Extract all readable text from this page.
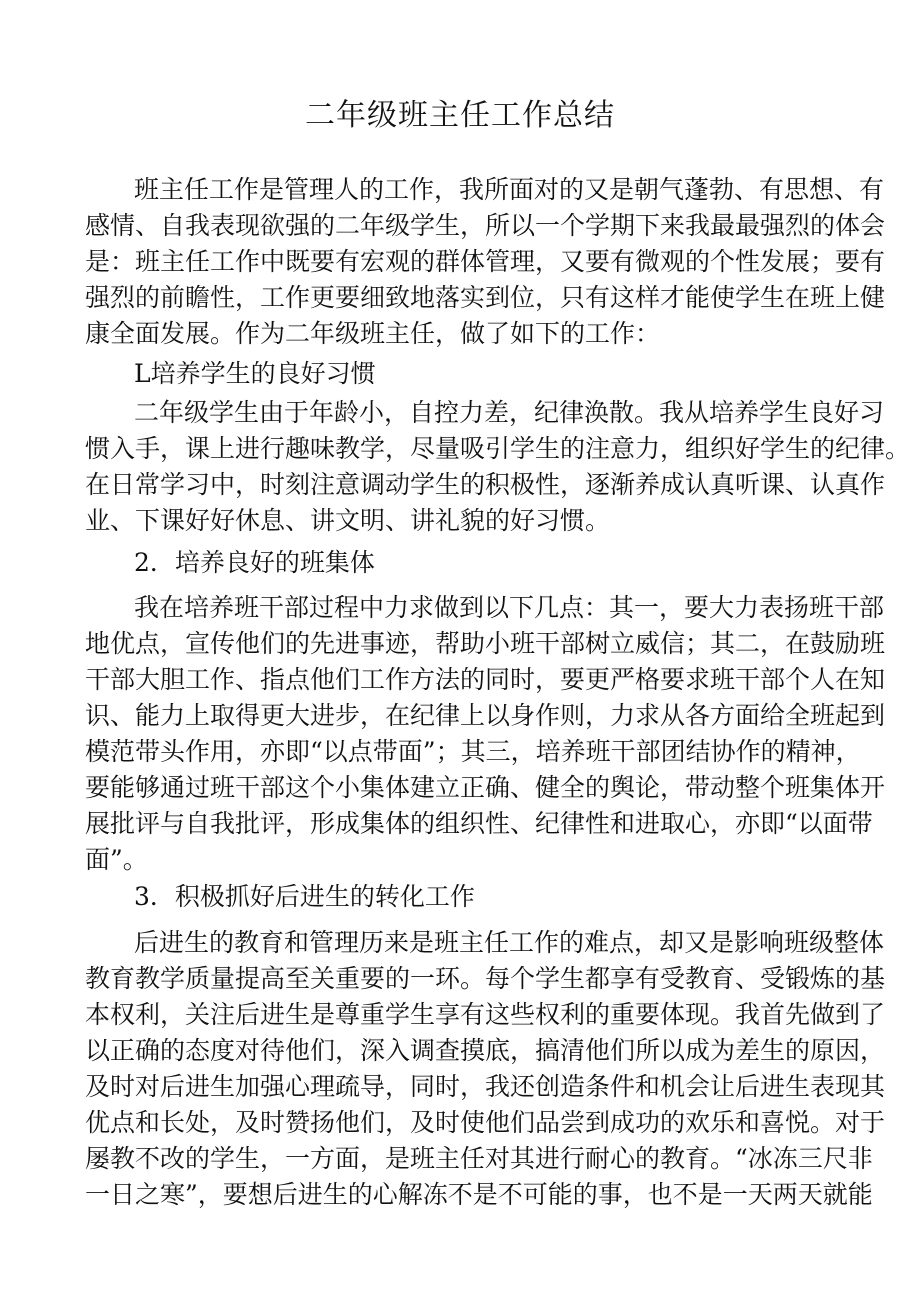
二年级班主任工作总结
班主任工作是管理人的工作，我所面对的又是朝气蓬勃、有思想、有
感情、自我表现欲强的二年级学生，所以一个学期下来我最最强烈的体会
是：班主任工作中既要有宏观的群体管理，又要有微观的个性发展；要有
强烈的前瞻性，工作更要细致地落实到位，只有这样才能使学生在班上健
康全面发展。作为二年级班主任，做了如下的工作：
L培养学生的良好习惯
二年级学生由于年龄小，自控力差，纪律涣散。我从培养学生良好习
惯入手，课上进行趣味教学，尽量吸引学生的注意力，组织好学生的纪律。
在日常学习中，时刻注意调动学生的积极性，逐渐养成认真听课、认真作
业、下课好好休息、讲文明、讲礼貌的好习惯。
2．培养良好的班集体
我在培养班干部过程中力求做到以下几点：其一，要大力表扬班干部
地优点，宣传他们的先进事迹，帮助小班干部树立威信；其二，在鼓励班
干部大胆工作、指点他们工作方法的同时，要更严格要求班干部个人在知
识、能力上取得更大进步，在纪律上以身作则，力求从各方面给全班起到
模范带头作用，亦即“以点带面”；其三，培养班干部团结协作的精神，
要能够通过班干部这个小集体建立正确、健全的舆论，带动整个班集体开
展批评与自我批评，形成集体的组织性、纪律性和进取心，亦即“以面带
面”。
3．积极抓好后进生的转化工作
后进生的教育和管理历来是班主任工作的难点，却又是影响班级整体
教育教学质量提高至关重要的一环。每个学生都享有受教育、受锻炼的基
本权利，关注后进生是尊重学生享有这些权利的重要体现。我首先做到了
以正确的态度对待他们，深入调查摸底，搞清他们所以成为差生的原因，
及时对后进生加强心理疏导，同时，我还创造条件和机会让后进生表现其
优点和长处，及时赞扬他们，及时使他们品尝到成功的欢乐和喜悦。对于
屡教不改的学生，一方面，是班主任对其进行耐心的教育。“冰冻三尺非
一日之寒”，要想后进生的心解冻不是不可能的事，也不是一天两天就能
